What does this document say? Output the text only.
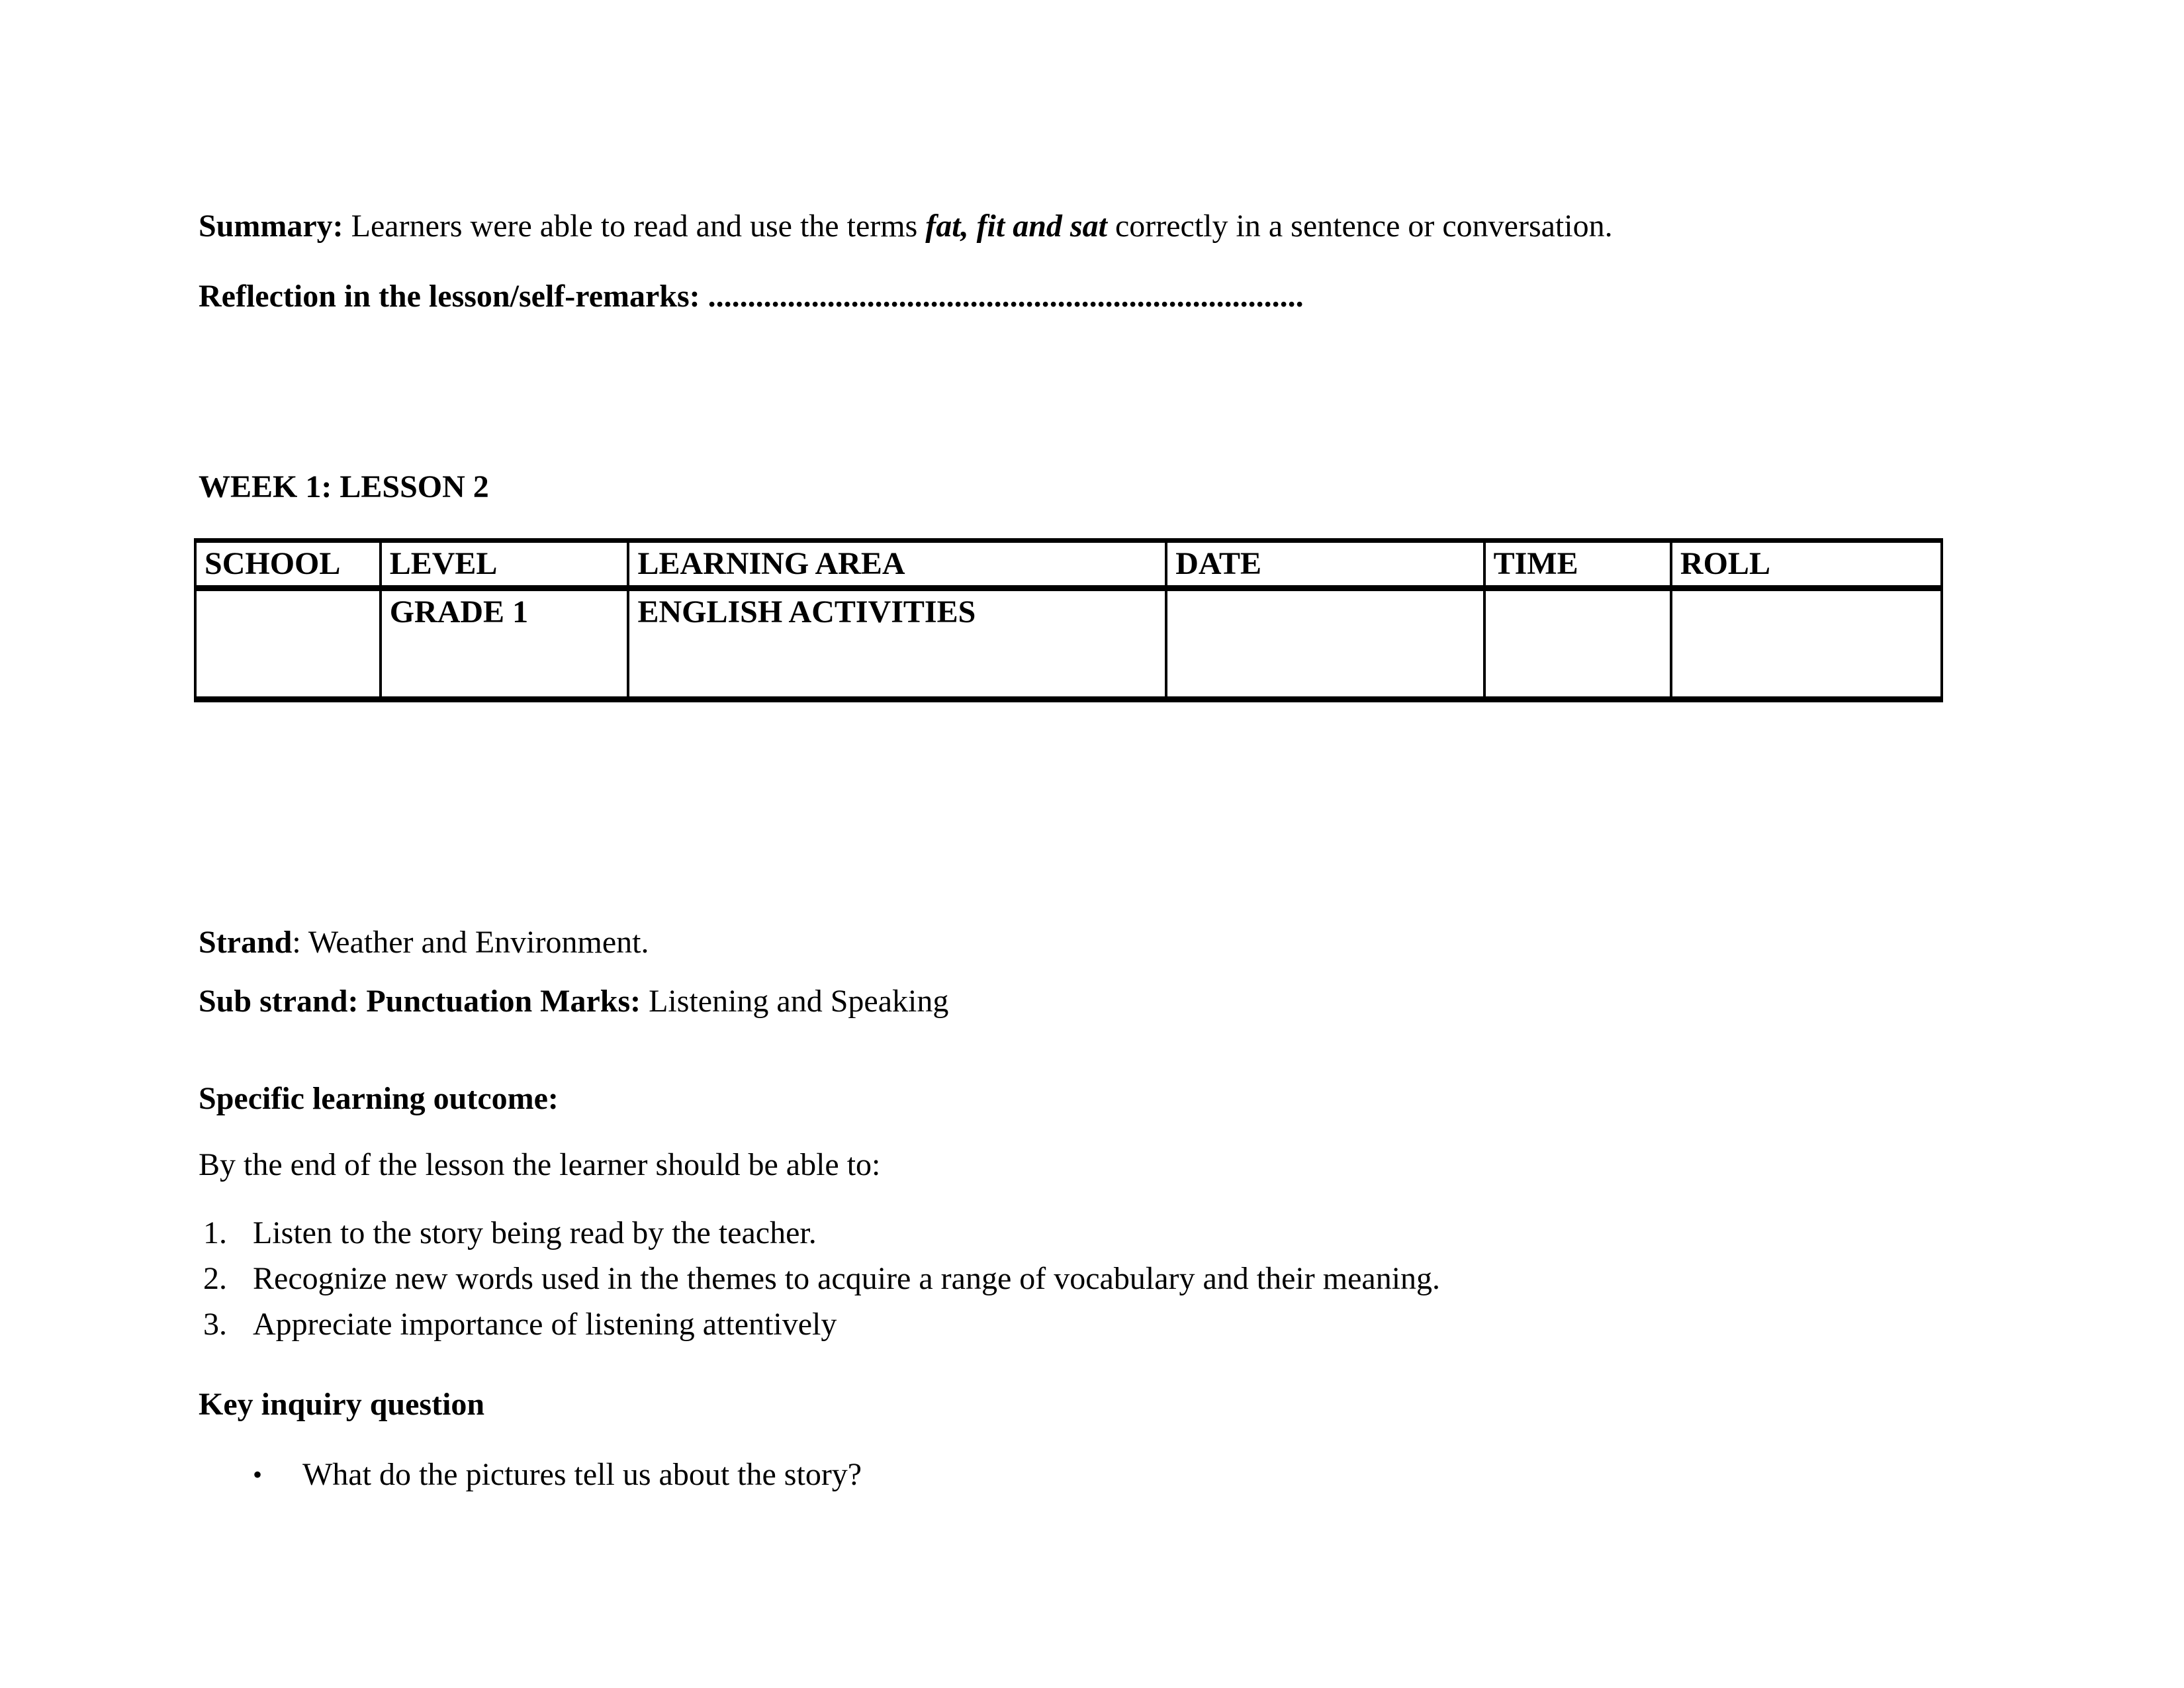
Summary: Learners were able to read and use the terms fat, fit and sat correctly in a sentence or conversation.

Reflection in the lesson/self-remarks: ...........................................................................

WEEK 1: LESSON 2

SCHOOL	LEVEL	LEARNING AREA	DATE	TIME	ROLL
	GRADE 1	ENGLISH ACTIVITIES			

Strand: Weather and Environment.

Sub strand: Punctuation Marks: Listening and Speaking

Specific learning outcome:

By the end of the lesson the learner should be able to:

1. Listen to the story being read by the teacher.
2. Recognize new words used in the themes to acquire a range of vocabulary and their meaning.
3. Appreciate importance of listening attentively

Key inquiry question

•	What do the pictures tell us about the story?
